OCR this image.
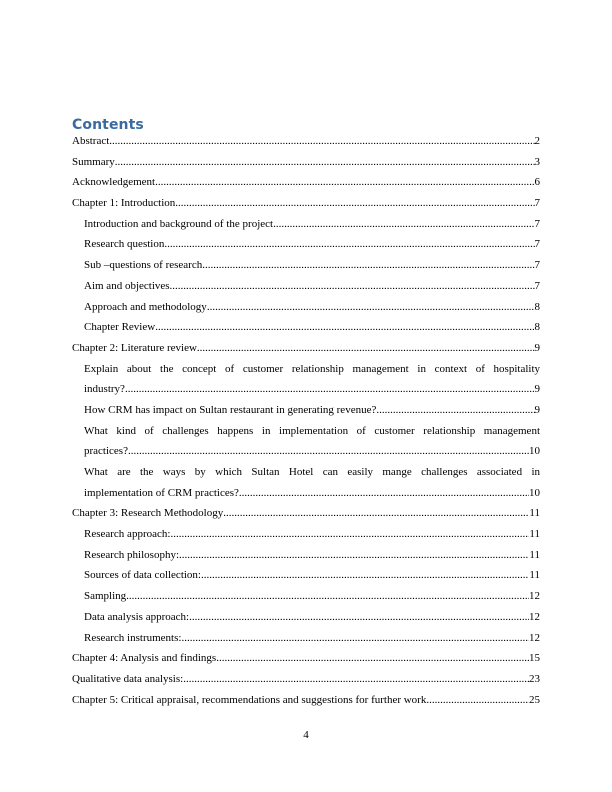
Contents
Abstract .....	2
Summary .....	3
Acknowledgement .....	6
Chapter 1: Introduction .....	7
Introduction and background of the project .....	7
Research question .....	7
Sub –questions of research .....	7
Aim and objectives .....	7
Approach and methodology .....	8
Chapter Review .....	8
Chapter 2: Literature review .....	9
Explain about the concept of customer relationship management in context of hospitality
industry? .....	9
How CRM has impact on Sultan restaurant in generating revenue? .....	9
What kind of challenges happens in implementation of customer relationship management
practices? .....	10
What are the ways by which Sultan Hotel can easily mange challenges associated in
implementation of CRM practices? .....	10
Chapter 3: Research Methodology .....	11
Research approach: .....	11
Research philosophy: .....	11
Sources of data collection: .....	11
Sampling .....	12
Data analysis approach: .....	12
Research instruments: .....	12
Chapter 4: Analysis and findings .....	15
Qualitative data analysis: .....	23
Chapter 5: Critical appraisal, recommendations and suggestions for further work .....	25
4
